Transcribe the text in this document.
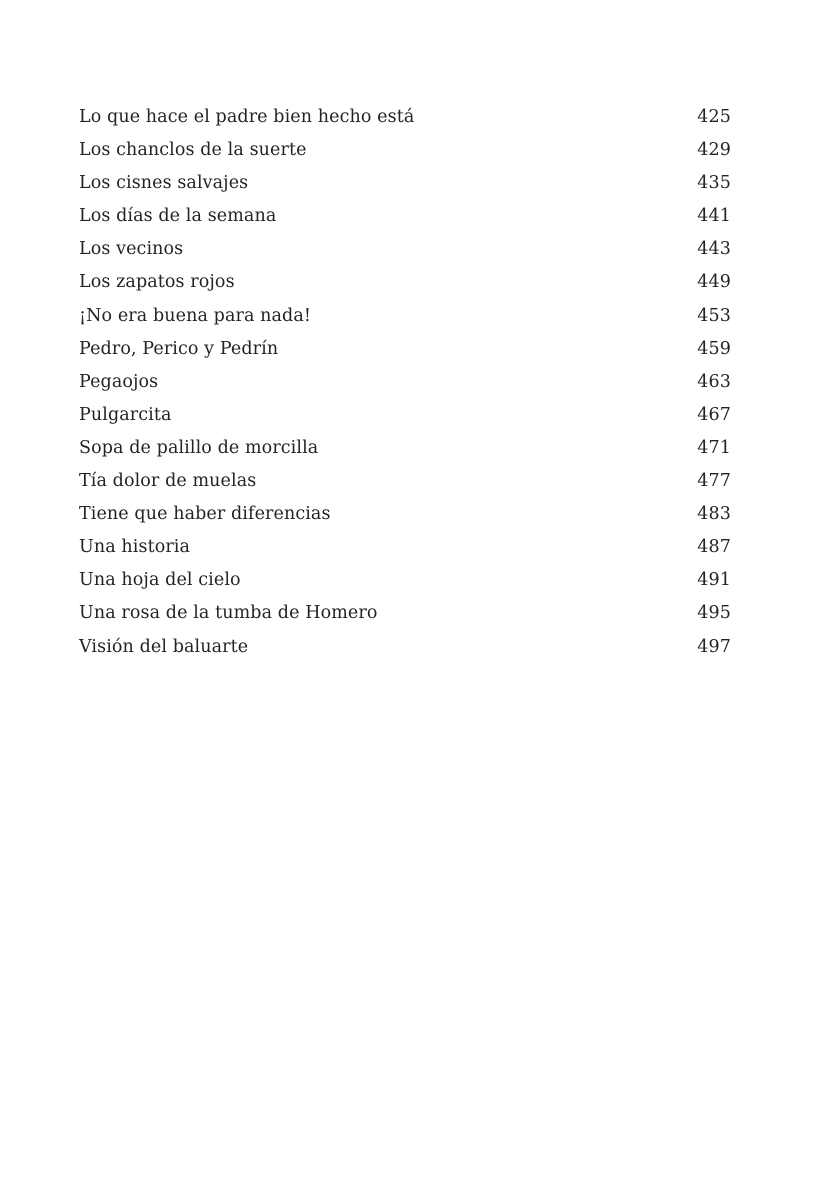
Lo que hace el padre bien hecho está	425
Los chanclos de la suerte	429
Los cisnes salvajes	435
Los días de la semana	441
Los vecinos	443
Los zapatos rojos	449
¡No era buena para nada!	453
Pedro, Perico y Pedrín	459
Pegaojos	463
Pulgarcita	467
Sopa de palillo de morcilla	471
Tía dolor de muelas	477
Tiene que haber diferencias	483
Una historia	487
Una hoja del cielo	491
Una rosa de la tumba de Homero	495
Visión del baluarte	497
